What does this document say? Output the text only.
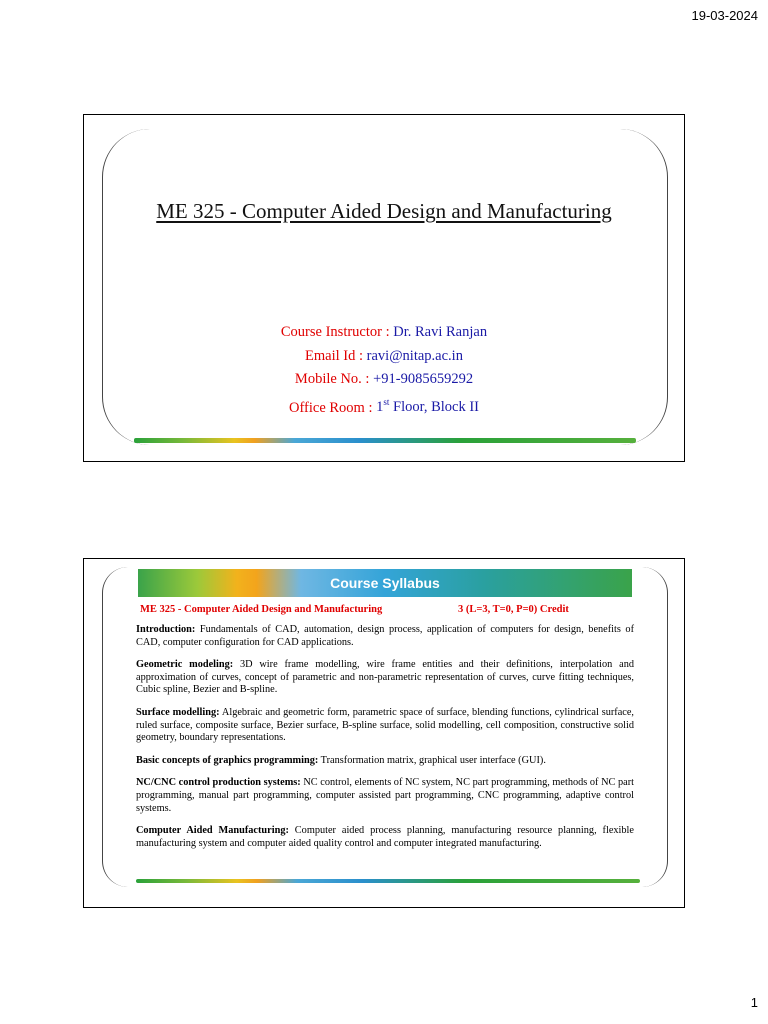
19-03-2024
ME 325 - Computer Aided Design and Manufacturing
Course Instructor : Dr. Ravi Ranjan
Email Id : ravi@nitap.ac.in
Mobile No. : +91-9085659292
Office Room : 1st Floor, Block II
Course Syllabus
ME 325 - Computer Aided Design and Manufacturing	3 (L=3, T=0, P=0) Credit

Introduction: Fundamentals of CAD, automation, design process, application of computers for design, benefits of CAD, computer configuration for CAD applications.

Geometric modeling: 3D wire frame modelling, wire frame entities and their definitions, interpolation and approximation of curves, concept of parametric and non-parametric representation of curves, curve fitting techniques, Cubic spline, Bezier and B-spline.

Surface modelling: Algebraic and geometric form, parametric space of surface, blending functions, cylindrical surface, ruled surface, composite surface, Bezier surface, B-spline surface, solid modelling, cell composition, constructive solid geometry, boundary representations.

Basic concepts of graphics programming: Transformation matrix, graphical user interface (GUI).

NC/CNC control production systems: NC control, elements of NC system, NC part programming, methods of NC part programming, manual part programming, computer assisted part programming, CNC programming, adaptive control systems.

Computer Aided Manufacturing: Computer aided process planning, manufacturing resource planning, flexible manufacturing system and computer aided quality control and computer integrated manufacturing.

1
